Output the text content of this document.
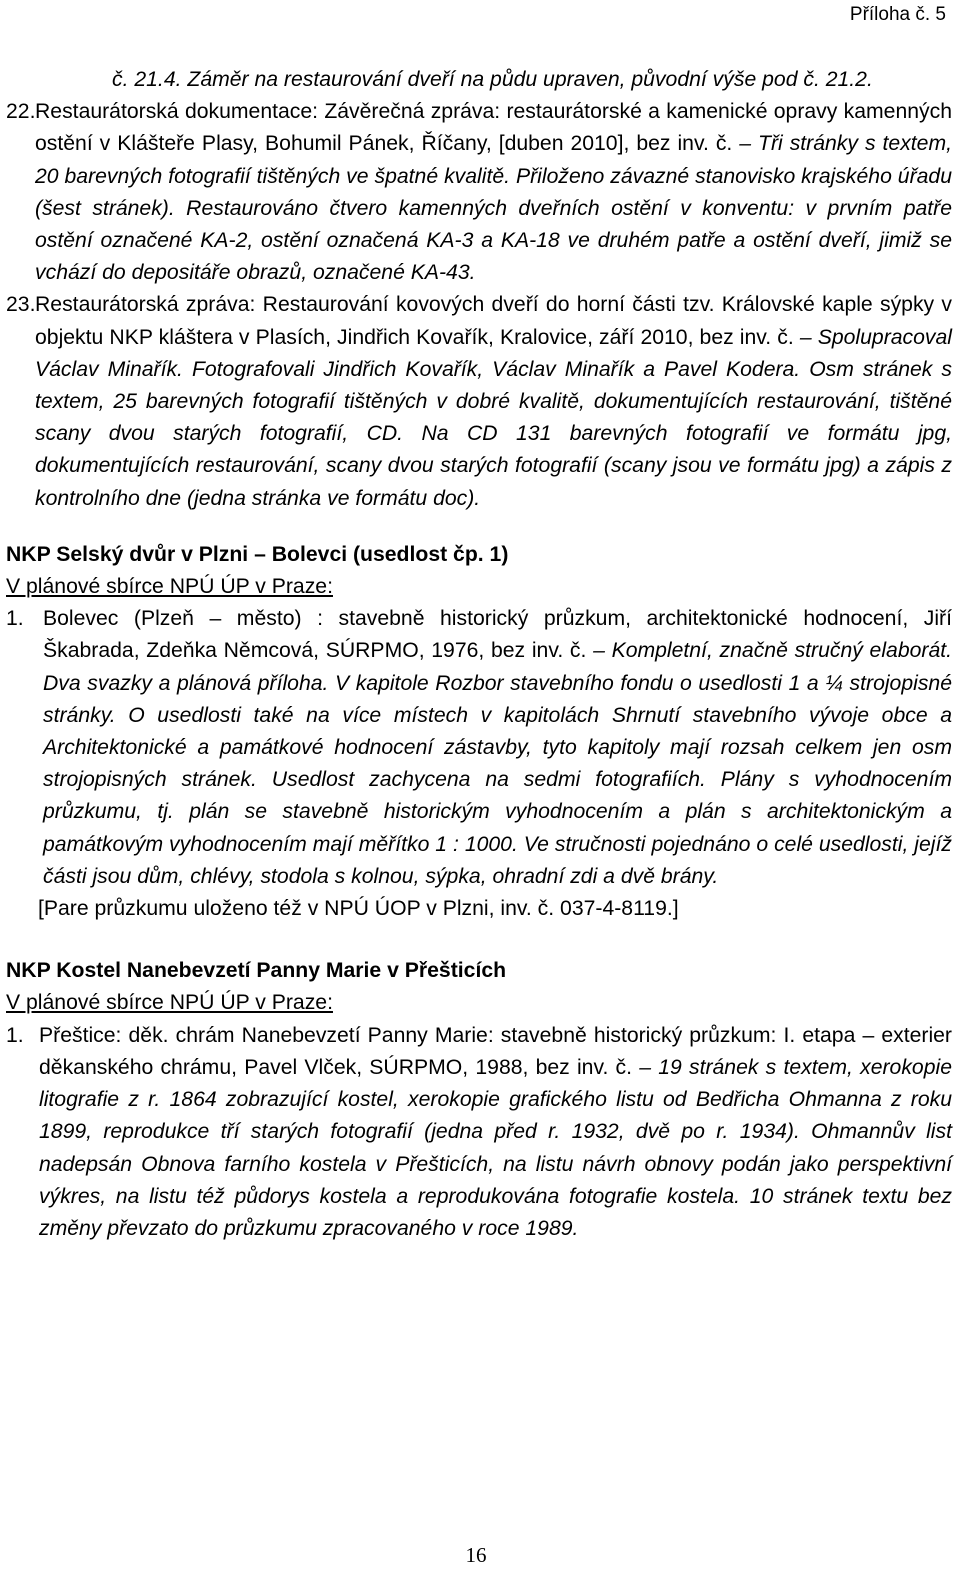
Příloha č. 5

č. 21.4. Záměr na restaurování dveří na půdu upraven, původní výše pod č. 21.2.

22. Restaurátorská dokumentace: Závěrečná zpráva: restaurátorské a kamenické opravy kamenných ostění v Klášteře Plasy, Bohumil Pánek, Říčany, [duben 2010], bez inv. č. – Tři stránky s textem, 20 barevných fotografií tištěných ve špatné kvalitě. Přiloženo závazné stanovisko krajského úřadu (šest stránek). Restaurováno čtvero kamenných dveřních ostění v konventu: v prvním patře ostění označené KA-2, ostění označená KA-3 a KA-18 ve druhém patře a ostění dveří, jimiž se vchází do depositáře obrazů, označené KA-43.

23. Restaurátorská zpráva: Restaurování kovových dveří do horní části tzv. Královské kaple sýpky v objektu NKP kláštera v Plasích, Jindřich Kovařík, Kralovice, září 2010, bez inv. č. – Spolupracoval Václav Minařík. Fotografovali Jindřich Kovařík, Václav Minařík a Pavel Kodera. Osm stránek s textem, 25 barevných fotografií tištěných v dobré kvalitě, dokumentujících restaurování, tištěné scany dvou starých fotografií, CD. Na CD 131 barevných fotografií ve formátu jpg, dokumentujících restaurování, scany dvou starých fotografií (scany jsou ve formátu jpg) a zápis z kontrolního dne (jedna stránka ve formátu doc).

NKP Selský dvůr v Plzni – Bolevci (usedlost čp. 1)
V plánové sbírce NPÚ ÚP v Praze:

1. Bolevec (Plzeň – město) : stavebně historický průzkum, architektonické hodnocení, Jiří Škabrada, Zdeňka Němcová, SÚRPMO, 1976, bez inv. č. – Kompletní, značně stručný elaborát. Dva svazky a plánová příloha. V kapitole Rozbor stavebního fondu o usedlosti 1 a ¼ strojopisné stránky. O usedlosti také na více místech v kapitolách Shrnutí stavebního vývoje obce a Architektonické a památkové hodnocení zástavby, tyto kapitoly mají rozsah celkem jen osm strojopisných stránek. Usedlost zachycena na sedmi fotografiích. Plány s vyhodnocením průzkumu, tj. plán se stavebně historickým vyhodnocením a plán s architektonickým a památkovým vyhodnocením mají měřítko 1 : 1000. Ve stručnosti pojednáno o celé usedlosti, jejíž části jsou dům, chlévy, stodola s kolnou, sýpka, ohradní zdi a dvě brány.

[Pare průzkumu uloženo též v NPÚ ÚOP v Plzni, inv. č. 037-4-8119.]

NKP Kostel Nanebevzetí Panny Marie v Přešticích
V plánové sbírce NPÚ ÚP v Praze:

1. Přeštice: děk. chrám Nanebevzetí Panny Marie: stavebně historický průzkum: I. etapa – exterier děkanského chrámu, Pavel Vlček, SÚRPMO, 1988, bez inv. č. – 19 stránek s textem, xerokopie litografie z r. 1864 zobrazující kostel, xerokopie grafického listu od Bedřicha Ohmanna z roku 1899, reprodukce tří starých fotografií (jedna před r. 1932, dvě po r. 1934). Ohmannův list nadepsán Obnova farního kostela v Přešticích, na listu návrh obnovy podán jako perspektivní výkres, na listu též půdorys kostela a reprodukována fotografie kostela. 10 stránek textu bez změny převzato do průzkumu zpracovaného v roce 1989.

16
